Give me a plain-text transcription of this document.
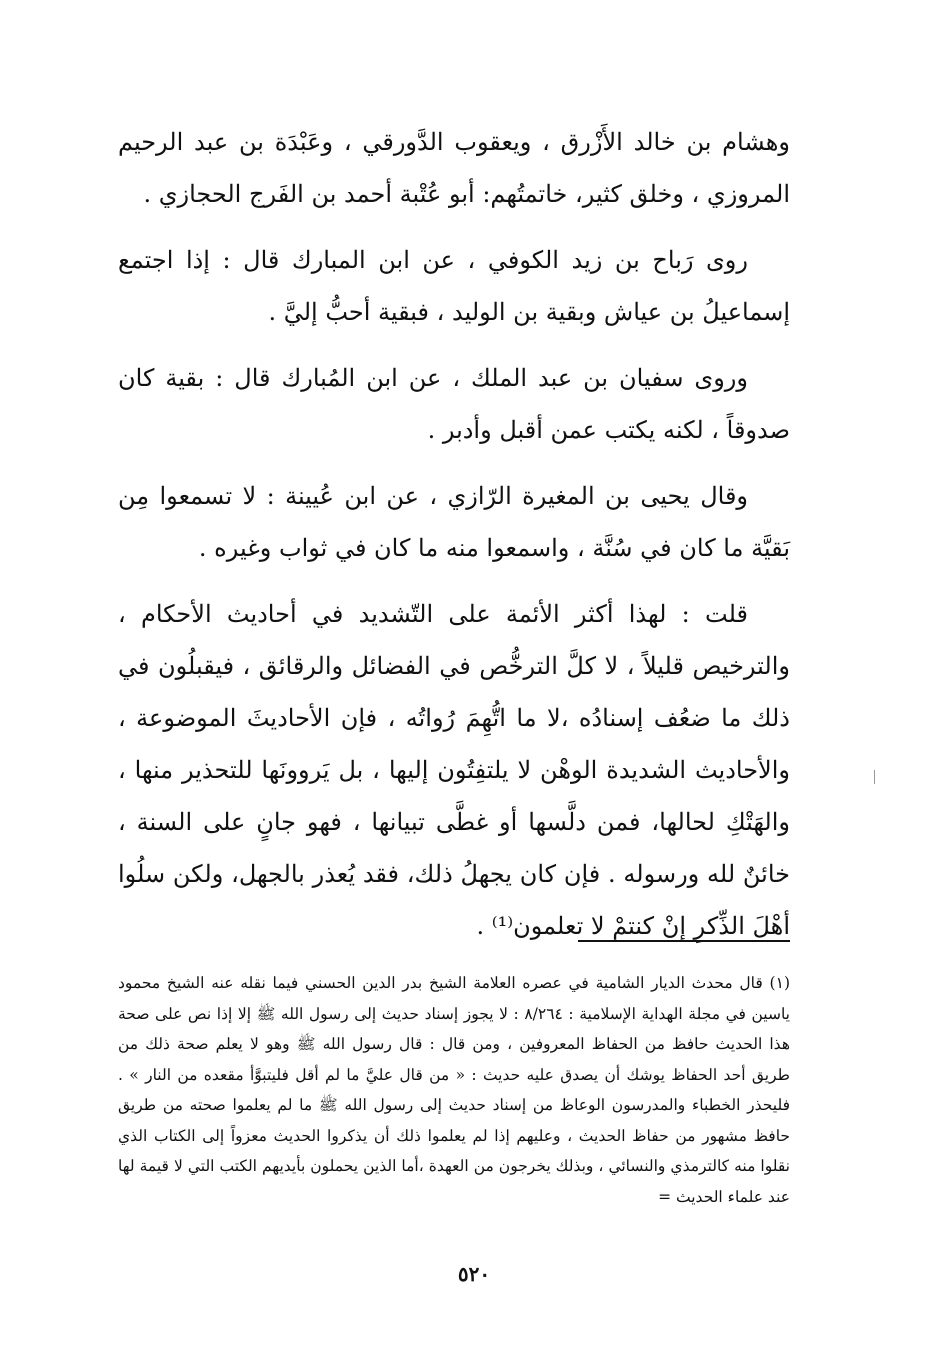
وهشام بن خالد الأَزْرق ، ويعقوب الدَّورقي ، وعَبْدَة بن عبد الرحيم المروزي ، وخلق كثير، خاتمتُهم: أبو عُتْبة أحمد بن الفَرج الحجازي .

روى رَباح بن زيد الكوفي ، عن ابن المبارك قال : إذا اجتمع إسماعيلُ بن عياش وبقية بن الوليد ، فبقية أحبُّ إليَّ .

وروى سفيان بن عبد الملك ، عن ابن المُبارك قال : بقية كان صدوقاً ، لكنه يكتب عمن أقبل وأدبر .

وقال يحيى بن المغيرة الرّازي ، عن ابن عُيينة : لا تسمعوا مِن بَقيَّة ما كان في سُنَّة ، واسمعوا منه ما كان في ثواب وغيره .

قلت : لهذا أكثر الأئمة على التّشديد في أحاديث الأحكام ، والترخيص قليلاً ، لا كلَّ الترخُّص في الفضائل والرقائق ، فيقبلُون في ذلك ما ضعُف إسنادُه ،لا ما اتُّهِمَ رُواتُه ، فإن الأحاديثَ الموضوعة ، والأحاديث الشديدة الوهْن لا يلتفِتُون إليها ، بل يَروونَها للتحذير منها ، والهَتْكِ لحالها، فمن دلَّسها أو غطَّى تبيانها ، فهو جانٍ على السنة ، خائنٌ لله ورسوله . فإن كان يجهلُ ذلك، فقد يُعذر بالجهل، ولكن سلُوا أهْلَ الذِّكرِ إنْ كنتمْ لا تعلمون⁽¹⁾ .

(١) قال محدث الديار الشامية في عصره العلامة الشيخ بدر الدين الحسني فيما نقله عنه الشيخ محمود ياسين في مجلة الهداية الإسلامية : ٨/٢٦٤ : لا يجوز إسناد حديث إلى رسول الله ﷺ إلا إذا نص على صحة هذا الحديث حافظ من الحفاظ المعروفين ، ومن قال : قال رسول الله ﷺ وهو لا يعلم صحة ذلك من طريق أحد الحفاظ يوشك أن يصدق عليه حديث : « من قال عليَّ ما لم أقل فليتبوَّأ مقعده من النار » . فليحذر الخطباء والمدرسون الوعاظ من إسناد حديث إلى رسول الله ﷺ ما لم يعلموا صحته من طريق حافظ مشهور من حفاظ الحديث ، وعليهم إذا لم يعلموا ذلك أن يذكروا الحديث معزواً إلى الكتاب الذي نقلوا منه كالترمذي والنسائي ، وبذلك يخرجون من العهدة ،أما الذين يحملون بأيديهم الكتب التي لا قيمة لها عند علماء الحديث =

٥٢٠
